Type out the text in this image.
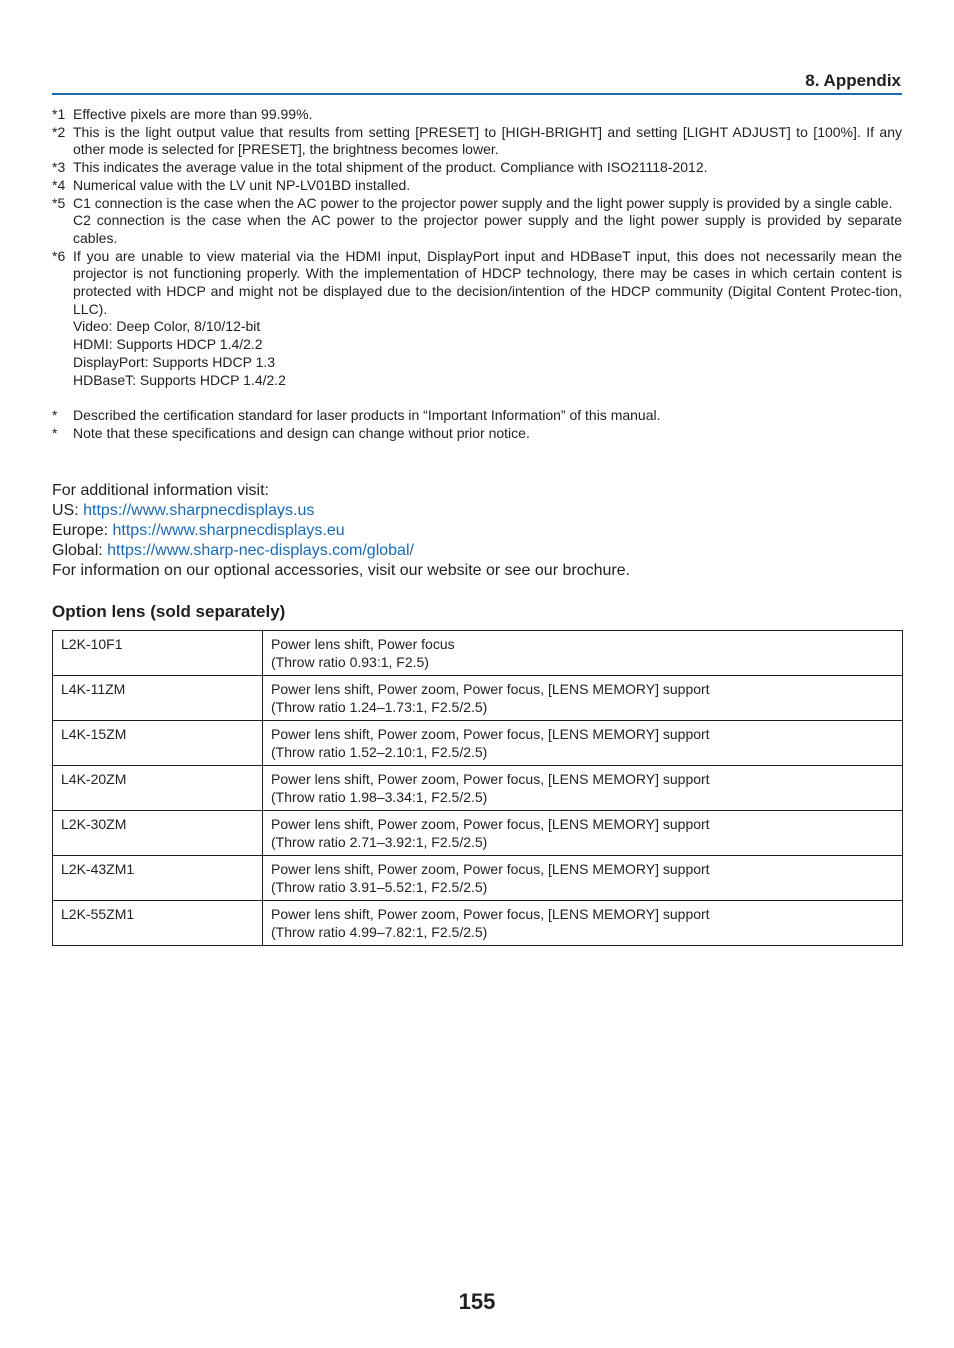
8. Appendix
*1 Effective pixels are more than 99.99%.

*2 This is the light output value that results from setting [PRESET] to [HIGH-BRIGHT] and setting [LIGHT ADJUST] to [100%]. If any other mode is selected for [PRESET], the brightness becomes lower.

*3 This indicates the average value in the total shipment of the product. Compliance with ISO21118-2012.

*4 Numerical value with the LV unit NP-LV01BD installed.

*5 C1 connection is the case when the AC power to the projector power supply and the light power supply is provided by a single cable.

C2 connection is the case when the AC power to the projector power supply and the light power supply is provided by separate cables.

*6 If you are unable to view material via the HDMI input, DisplayPort input and HDBaseT input, this does not necessarily mean the projector is not functioning properly. With the implementation of HDCP technology, there may be cases in which certain content is protected with HDCP and might not be displayed due to the decision/intention of the HDCP community (Digital Content Protec-tion, LLC).

Video: Deep Color, 8/10/12-bit

HDMI: Supports HDCP 1.4/2.2

DisplayPort: Supports HDCP 1.3

HDBaseT: Supports HDCP 1.4/2.2

*	Described the certification standard for laser products in “Important Information” of this manual.

*	Note that these specifications and design can change without prior notice.

For additional information visit:
US: https://www.sharpnecdisplays.us
Europe: https://www.sharpnecdisplays.eu
Global: https://www.sharp-nec-displays.com/global/
For information on our optional accessories, visit our website or see our brochure.
Option lens (sold separately)
L2K-10F1	Power lens shift, Power focus
(Throw ratio 0.93:1, F2.5)

L4K-11ZM	Power lens shift, Power zoom, Power focus, [LENS MEMORY] support
(Throw ratio 1.24–1.73:1, F2.5/2.5)

L4K-15ZM	Power lens shift, Power zoom, Power focus, [LENS MEMORY] support
(Throw ratio 1.52–2.10:1, F2.5/2.5)

L4K-20ZM	Power lens shift, Power zoom, Power focus, [LENS MEMORY] support
(Throw ratio 1.98–3.34:1, F2.5/2.5)

L2K-30ZM	Power lens shift, Power zoom, Power focus, [LENS MEMORY] support
(Throw ratio 2.71–3.92:1, F2.5/2.5)

L2K-43ZM1	Power lens shift, Power zoom, Power focus, [LENS MEMORY] support
(Throw ratio 3.91–5.52:1, F2.5/2.5)

L2K-55ZM1	Power lens shift, Power zoom, Power focus, [LENS MEMORY] support
(Throw ratio 4.99–7.82:1, F2.5/2.5)
155
